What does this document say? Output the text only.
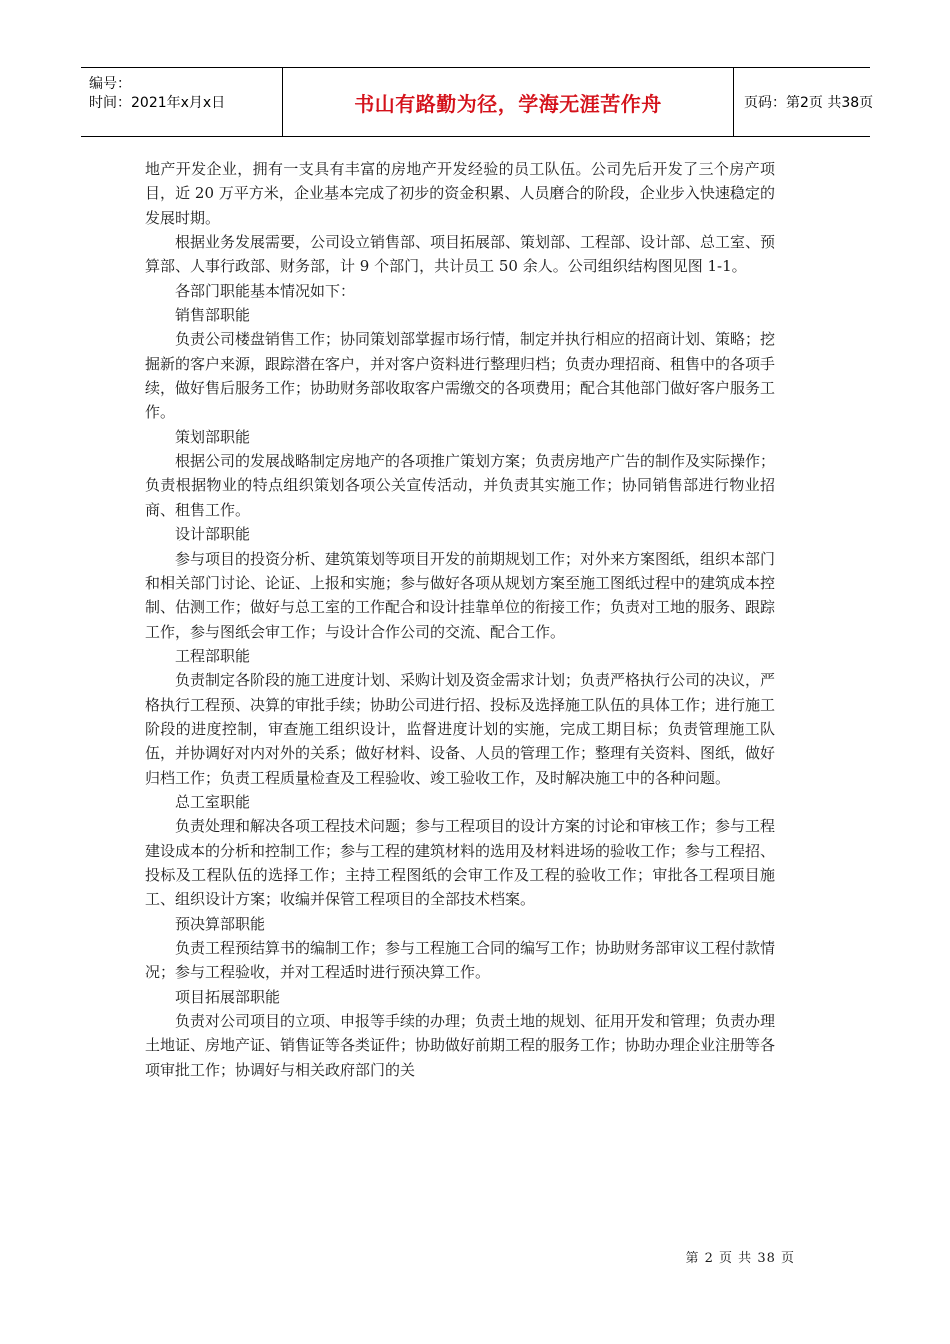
编号：
时间：2021年x月x日	书山有路勤为径，学海无涯苦作舟	页码：第2页 共38页

地产开发企业，拥有一支具有丰富的房地产开发经验的员工队伍。公司先后开发了三个房产项目，近 20 万平方米，企业基本完成了初步的资金积累、人员磨合的阶段，企业步入快速稳定的发展时期。

根据业务发展需要，公司设立销售部、项目拓展部、策划部、工程部、设计部、总工室、预算部、人事行政部、财务部，计 9 个部门，共计员工 50 余人。公司组织结构图见图 1-1。

各部门职能基本情况如下：

销售部职能

负责公司楼盘销售工作；协同策划部掌握市场行情，制定并执行相应的招商计划、策略；挖掘新的客户来源，跟踪潜在客户，并对客户资料进行整理归档；负责办理招商、租售中的各项手续，做好售后服务工作；协助财务部收取客户需缴交的各项费用；配合其他部门做好客户服务工作。

策划部职能

根据公司的发展战略制定房地产的各项推广策划方案；负责房地产广告的制作及实际操作；负责根据物业的特点组织策划各项公关宣传活动，并负责其实施工作；协同销售部进行物业招商、租售工作。

设计部职能

参与项目的投资分析、建筑策划等项目开发的前期规划工作；对外来方案图纸，组织本部门和相关部门讨论、论证、上报和实施；参与做好各项从规划方案至施工图纸过程中的建筑成本控制、估测工作；做好与总工室的工作配合和设计挂靠单位的衔接工作；负责对工地的服务、跟踪工作，参与图纸会审工作；与设计合作公司的交流、配合工作。

工程部职能

负责制定各阶段的施工进度计划、采购计划及资金需求计划；负责严格执行公司的决议，严格执行工程预、决算的审批手续；协助公司进行招、投标及选择施工队伍的具体工作；进行施工阶段的进度控制，审查施工组织设计，监督进度计划的实施，完成工期目标；负责管理施工队伍，并协调好对内对外的关系；做好材料、设备、人员的管理工作；整理有关资料、图纸，做好归档工作；负责工程质量检查及工程验收、竣工验收工作，及时解决施工中的各种问题。

总工室职能

负责处理和解决各项工程技术问题；参与工程项目的设计方案的讨论和审核工作；参与工程建设成本的分析和控制工作；参与工程的建筑材料的选用及材料进场的验收工作；参与工程招、投标及工程队伍的选择工作；主持工程图纸的会审工作及工程的验收工作；审批各工程项目施工、组织设计方案；收编并保管工程项目的全部技术档案。

预决算部职能

负责工程预结算书的编制工作；参与工程施工合同的编写工作；协助财务部审议工程付款情况；参与工程验收，并对工程适时进行预决算工作。

项目拓展部职能

负责对公司项目的立项、申报等手续的办理；负责土地的规划、征用开发和管理；负责办理土地证、房地产证、销售证等各类证件；协助做好前期工程的服务工作；协助办理企业注册等各项审批工作；协调好与相关政府部门的关

第 2 页 共 38 页
